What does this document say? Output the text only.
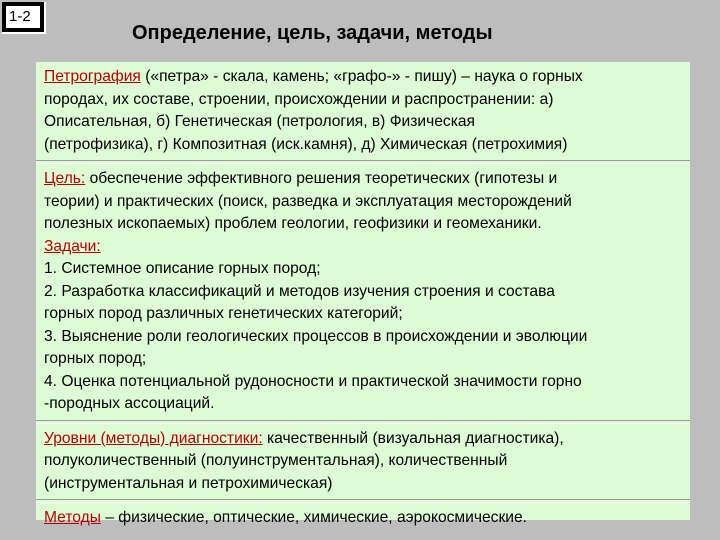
1-2
Определение, цель, задачи, методы
Петрография («петра» - скала, камень; «графо-» - пишу) – наука о горных
породах, их составе, строении, происхождении и распространении: а)
Описательная, б) Генетическая (петрология, в) Физическая
(петрофизика), г) Композитная (иск.камня), д) Химическая (петрохимия)
Цель: обеспечение эффективного решения теоретических (гипотезы и
теории) и практических (поиск, разведка и эксплуатация месторождений
полезных ископаемых) проблем геологии, геофизики и геомеханики.
Задачи:
1. Системное описание горных пород;
2. Разработка классификаций и методов изучения строения и состава
горных пород различных генетических категорий;
3. Выяснение роли геологических процессов в происхождении и эволюции
горных пород;
4. Оценка потенциальной рудоносности и практической значимости горно
-породных ассоциаций.
Уровни (методы) диагностики: качественный (визуальная диагностика),
полуколичественный (полуинструментальная), количественный
(инструментальная и петрохимическая)
Методы – физические, оптические, химические, аэрокосмические.
